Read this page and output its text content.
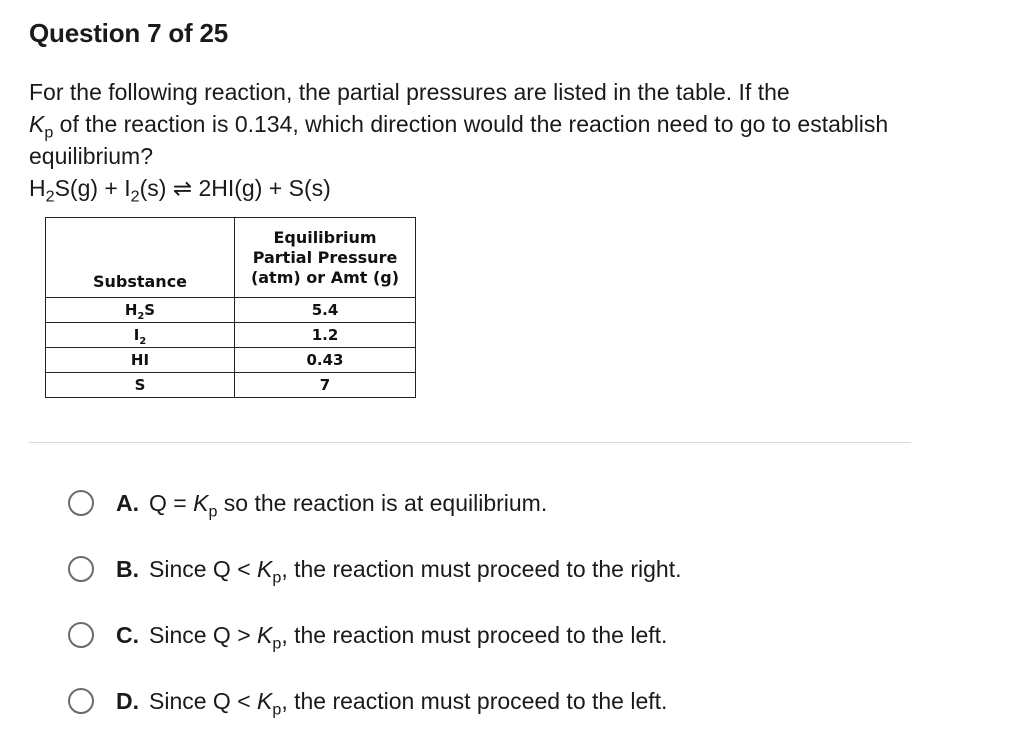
Question 7 of 25

For the following reaction, the partial pressures are listed in the table. If the

$K_p$ of the reaction is 0.134, which direction would the reaction need to go to establish equilibrium?

$H_2S(g) + I_2(s)$ ⇌ 2HI(g) + S(s)
Substance	Equilibrium
Partial Pressure
(atm) or Amt (g)

$H_2S$	5.4
$I_2$	1.2
HI	0.43
S	7
A. $Q = K_p$ so the reaction is at equilibrium.
B. Since $Q < K_p$, the reaction must proceed to the right.
C. Since $Q > K_p$, the reaction must proceed to the left.
D. Since $Q < K_p$, the reaction must proceed to the left.
